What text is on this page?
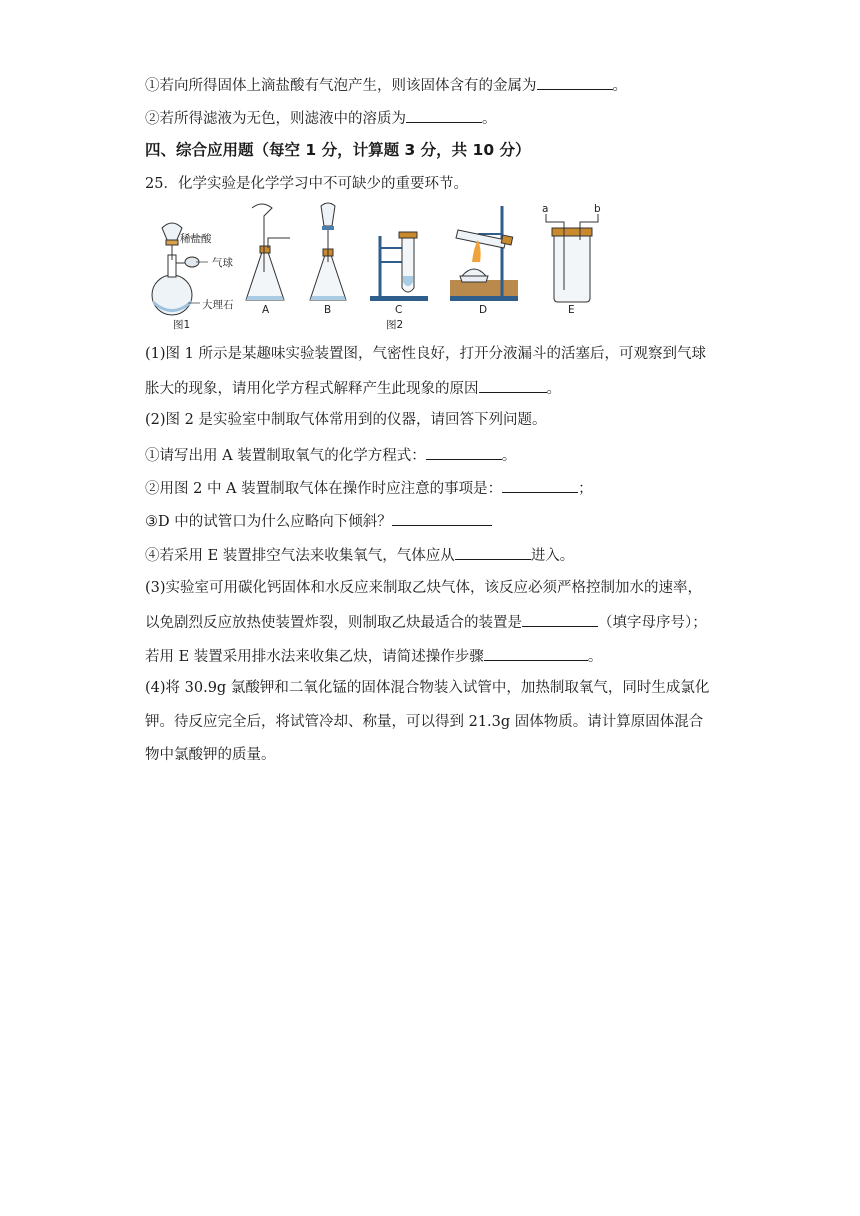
①若向所得固体上滴盐酸有气泡产生，则该固体含有的金属为	。
②若所得滤液为无色，则滤液中的溶质为	。
四、综合应用题（每空 1 分，计算题 3 分，共 10 分）
25．化学实验是化学学习中不可缺少的重要环节。
稀盐酸
气球
大理石
图1
A	B	C	D
a	b
E
图2
(1)图 1 所示是某趣味实验装置图，气密性良好，打开分液漏斗的活塞后，可观察到气球
胀大的现象，请用化学方程式解释产生此现象的原因	。
(2)图 2 是实验室中制取气体常用到的仪器，请回答下列问题。
①请写出用 A 装置制取氧气的化学方程式：	。
②用图 2 中 A 装置制取气体在操作时应注意的事项是：	；
③D 中的试管口为什么应略向下倾斜？
④若采用 E 装置排空气法来收集氧气，气体应从	进入。
(3)实验室可用碳化钙固体和水反应来制取乙炔气体，该反应必须严格控制加水的速率，
以免剧烈反应放热使装置炸裂，则制取乙炔最适合的装置是	（填字母序号）；
若用 E 装置采用排水法来收集乙炔，请简述操作步骤	。
(4)将 30.9g 氯酸钾和二氧化锰的固体混合物装入试管中，加热制取氧气，同时生成氯化
钾。待反应完全后，将试管冷却、称量，可以得到 21.3g 固体物质。请计算原固体混合
物中氯酸钾的质量。
